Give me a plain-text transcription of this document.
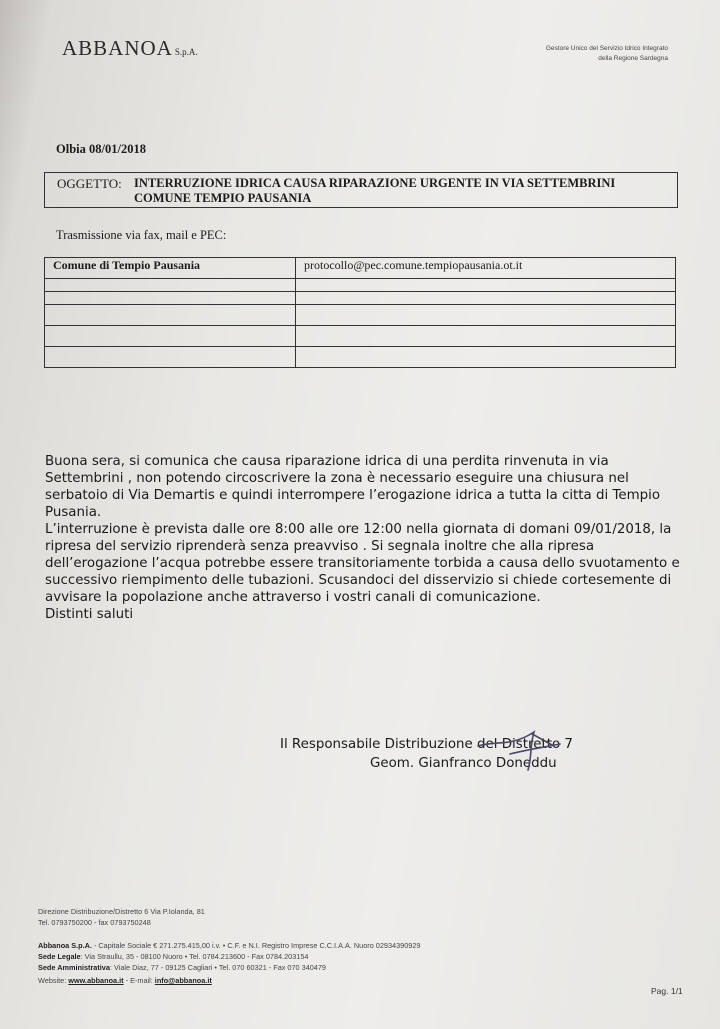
ABBANOA S.p.A.	Gestore Unico del Servizio Idrico Integrato
della Regione Sardegna
Olbia 08/01/2018
OGGETTO: INTERRUZIONE IDRICA CAUSA RIPARAZIONE URGENTE IN VIA SETTEMBRINI COMUNE TEMPIO PAUSANIA
Trasmissione via fax, mail e PEC:
Comune di Tempio Pausania	protocollo@pec.comune.tempiopausania.ot.it

Buona sera, si comunica che causa riparazione idrica di una perdita rinvenuta in via Settembrini , non potendo circoscrivere la zona è necessario eseguire una chiusura nel serbatoio di Via Demartis e quindi interrompere l’erogazione idrica a tutta la citta di Tempio Pusania.

L’interruzione è prevista dalle ore 8:00 alle ore 12:00 nella giornata di domani 09/01/2018, la ripresa del servizio riprenderà senza preavviso . Si segnala inoltre che alla ripresa dell’erogazione l’acqua potrebbe essere transitoriamente torbida a causa dello svuotamento e successivo riempimento delle tubazioni. Scusandoci del disservizio si chiede cortesemente di avvisare la popolazione anche attraverso i vostri canali di comunicazione.

Distinti saluti

Il Responsabile Distribuzione del Distretto 7
Geom. Gianfranco Doneddu
Direzione Distribuzione/Distretto 6 Via P.Iolanda, 81
Tel. 0793750200 - fax 0793750248
Abbanoa S.p.A. - Capitale Sociale € 271.275.415,00 i.v. • C.F. e N.I. Registro Imprese C.C.I.A.A. Nuoro 02934390929
Sede Legale: Via Straullu, 35 - 08100 Nuoro • Tel. 0784.213600 - Fax 0784.203154
Sede Amministrativa: Viale Diaz, 77 - 09125 Cagliari • Tel. 070 60321 - Fax 070 340479
Website: www.abbanoa.it - E-mail: info@abbanoa.it
Pag. 1/1
